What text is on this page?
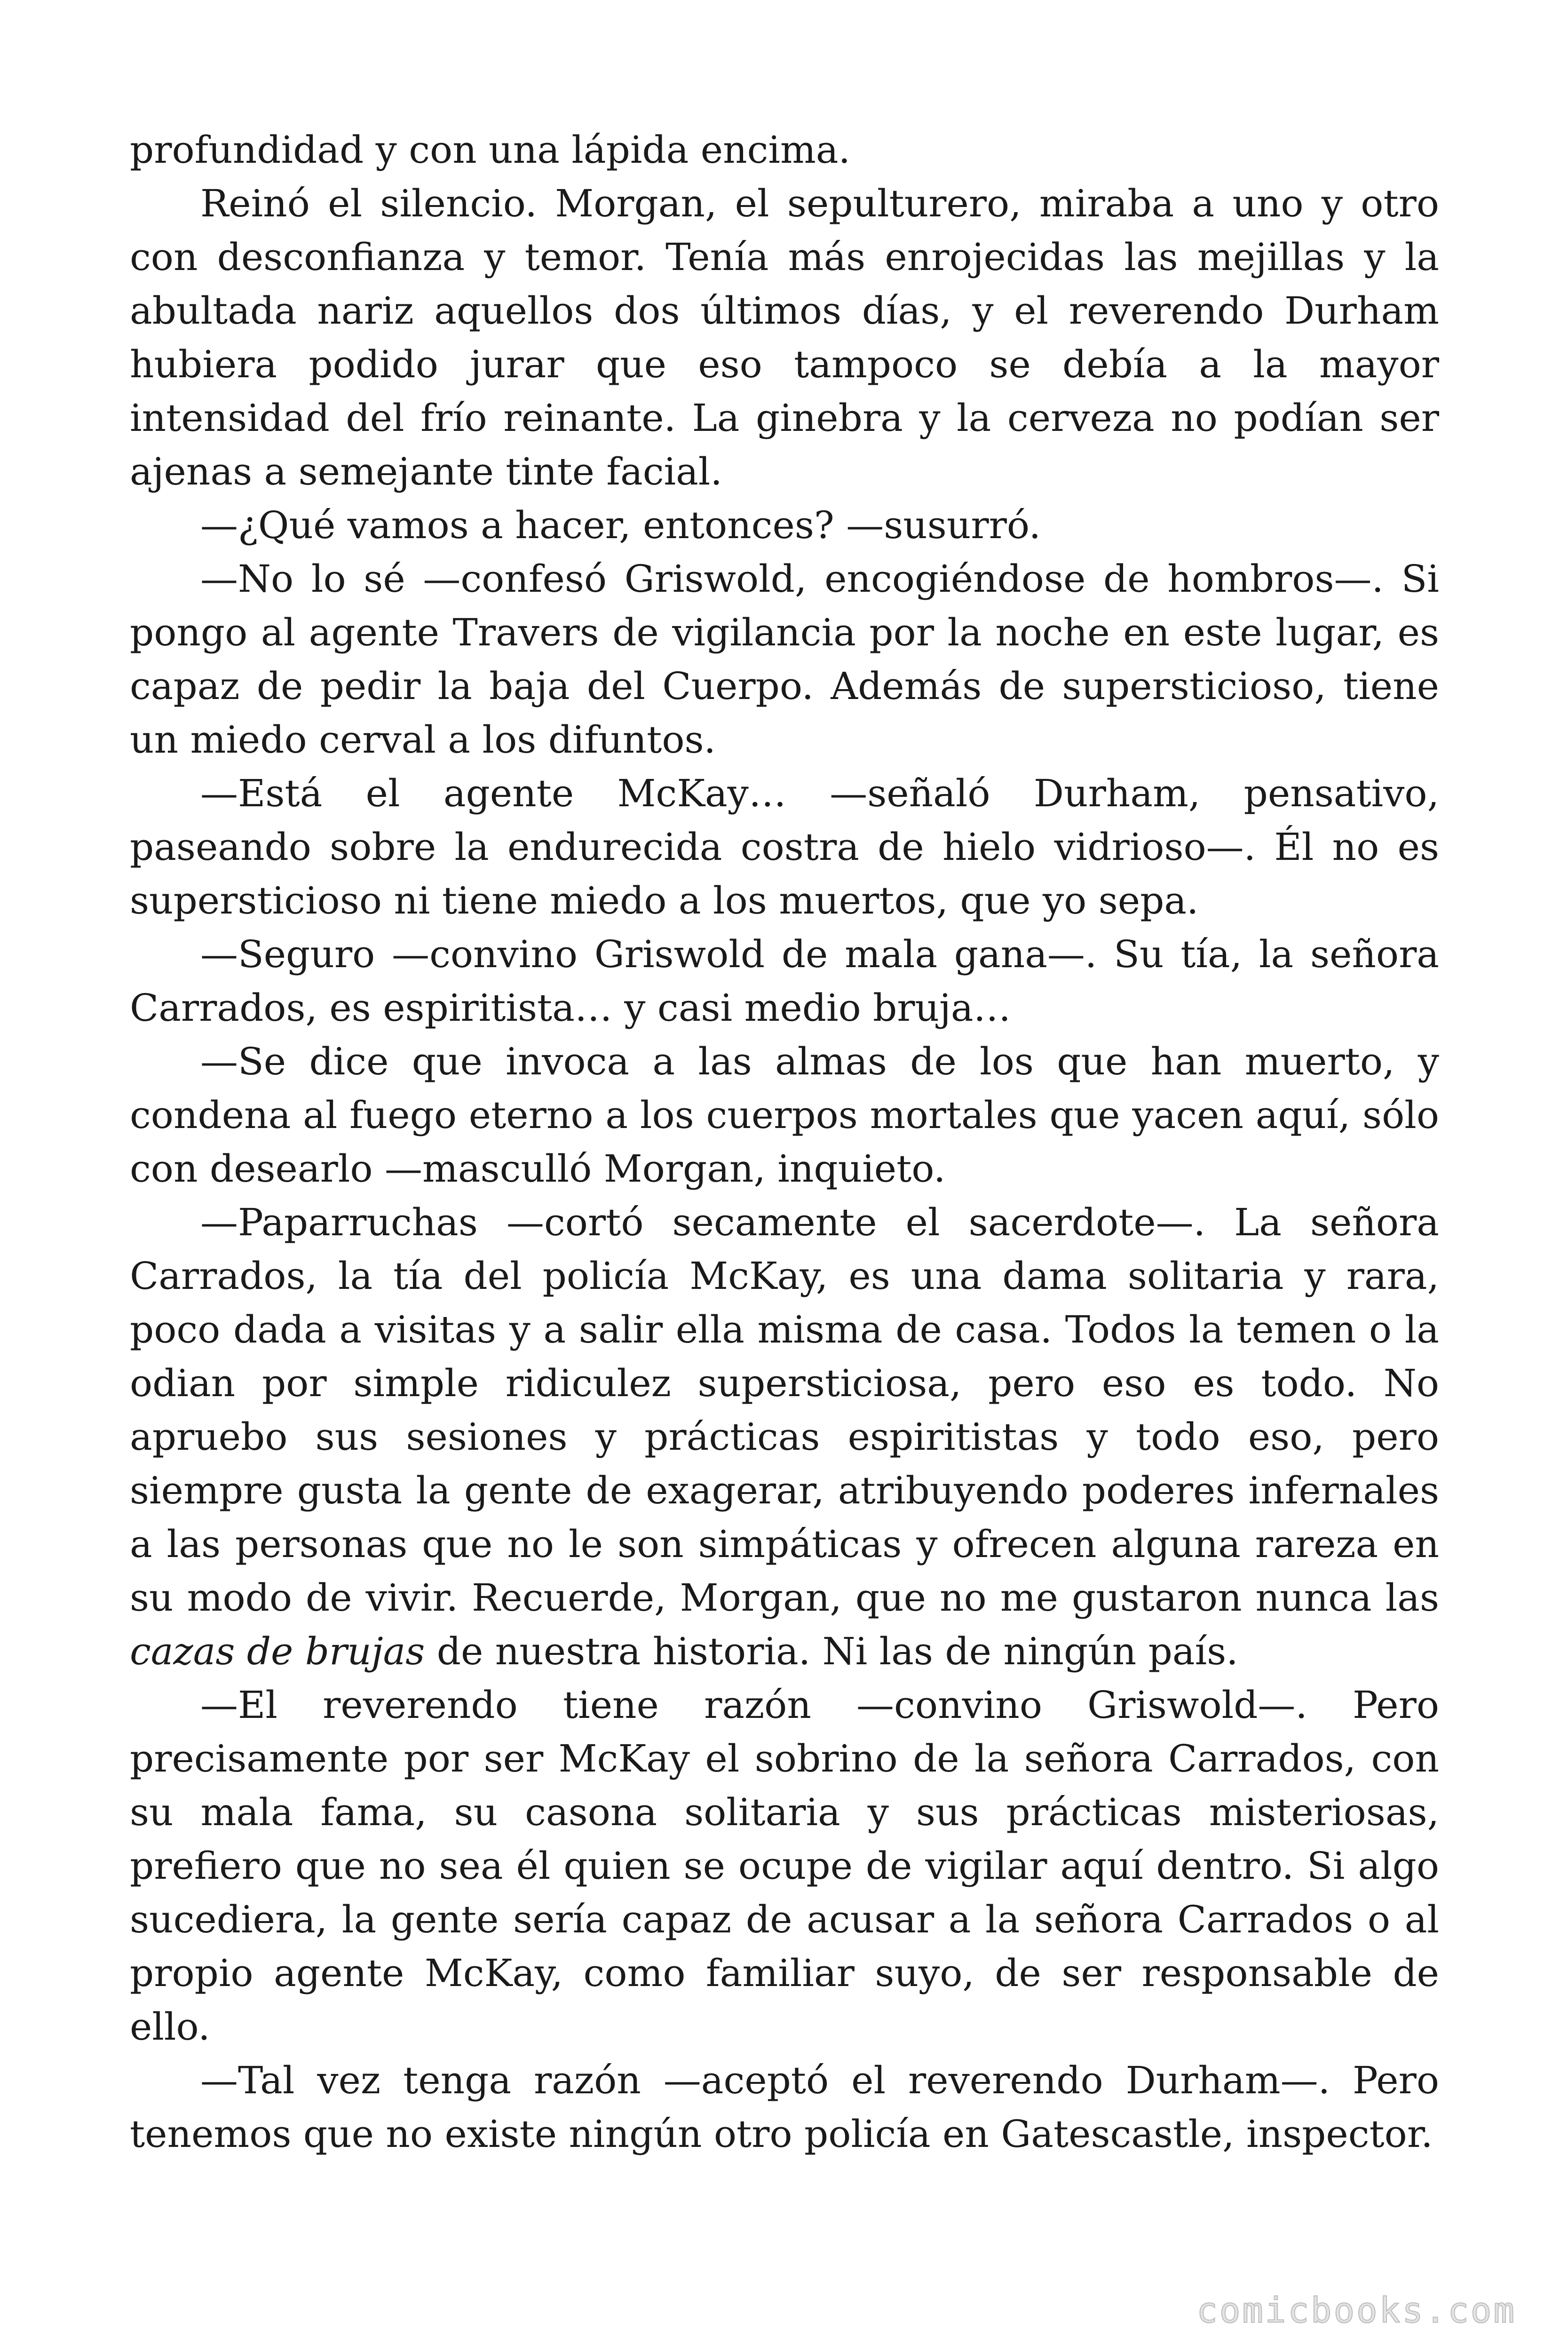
profundidad y con una lápida encima.

Reinó el silencio. Morgan, el sepulturero, miraba a uno y otro con desconfianza y temor. Tenía más enrojecidas las mejillas y la abultada nariz aquellos dos últimos días, y el reverendo Durham hubiera podido jurar que eso tampoco se debía a la mayor intensidad del frío reinante. La ginebra y la cerveza no podían ser ajenas a semejante tinte facial.

—¿Qué vamos a hacer, entonces? —susurró.

—No lo sé —confesó Griswold, encogiéndose de hombros—. Si pongo al agente Travers de vigilancia por la noche en este lugar, es capaz de pedir la baja del Cuerpo. Además de supersticioso, tiene un miedo cerval a los difuntos.

—Está el agente McKay… —señaló Durham, pensativo, paseando sobre la endurecida costra de hielo vidrioso—. Él no es supersticioso ni tiene miedo a los muertos, que yo sepa.

—Seguro —convino Griswold de mala gana—. Su tía, la señora Carrados, es espiritista… y casi medio bruja…

—Se dice que invoca a las almas de los que han muerto, y condena al fuego eterno a los cuerpos mortales que yacen aquí, sólo con desearlo —masculló Morgan, inquieto.

—Paparruchas —cortó secamente el sacerdote—. La señora Carrados, la tía del policía McKay, es una dama solitaria y rara, poco dada a visitas y a salir ella misma de casa. Todos la temen o la odian por simple ridiculez supersticiosa, pero eso es todo. No apruebo sus sesiones y prácticas espiritistas y todo eso, pero siempre gusta la gente de exagerar, atribuyendo poderes infernales a las personas que no le son simpáticas y ofrecen alguna rareza en su modo de vivir. Recuerde, Morgan, que no me gustaron nunca las cazas de brujas de nuestra historia. Ni las de ningún país.

—El reverendo tiene razón —convino Griswold—. Pero precisamente por ser McKay el sobrino de la señora Carrados, con su mala fama, su casona solitaria y sus prácticas misteriosas, prefiero que no sea él quien se ocupe de vigilar aquí dentro. Si algo sucediera, la gente sería capaz de acusar a la señora Carrados o al propio agente McKay, como familiar suyo, de ser responsable de ello.

—Tal vez tenga razón —aceptó el reverendo Durham—. Pero tenemos que no existe ningún otro policía en Gatescastle, inspector.

comicbooks.com
